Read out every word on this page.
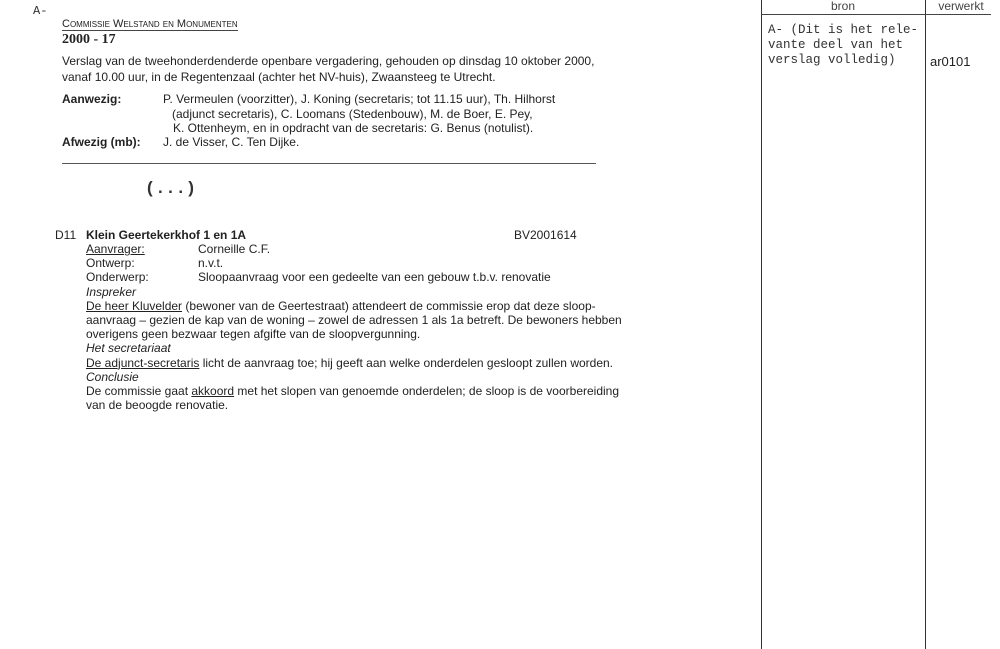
A-
Commissie Welstand en Monumenten
2000 - 17
Verslag van de tweehonderdenderde openbare vergadering, gehouden op dinsdag 10 oktober 2000,
vanaf 10.00 uur, in de Regentenzaal (achter het NV-huis), Zwaansteeg te Utrecht.
Aanwezig:	P. Vermeulen (voorzitter), J. Koning (secretaris; tot 11.15 uur), Th. Hilhorst
(adjunct secretaris), C. Loomans (Stedenbouw), M. de Boer, E. Pey,
K. Ottenheym, en in opdracht van de secretaris: G. Benus (notulist).
Afwezig (mb): J. de Visser, C. Ten Dijke.
(...)
D11 Klein Geertekerkhof 1 en 1A	BV2001614
Aanvrager:	Corneille C.F.
Ontwerp:	n.v.t.
Onderwerp:	Sloopaanvraag voor een gedeelte van een gebouw t.b.v. renovatie
Inspreker
De heer Kluvelder (bewoner van de Geertestraat) attendeert de commissie erop dat deze sloop-
aanvraag – gezien de kap van de woning – zowel de adressen 1 als 1a betreft. De bewoners hebben
overigens geen bezwaar tegen afgifte van de sloopvergunning.
Het secretariaat
De adjunct-secretaris licht de aanvraag toe; hij geeft aan welke onderdelen gesloopt zullen worden.
Conclusie
De commissie gaat akkoord met het slopen van genoemde onderdelen; de sloop is de voorbereiding
van de beoogde renovatie.
bron	verwerkt
A- (Dit is het rele-
vante deel van het
verslag volledig)	ar0101
